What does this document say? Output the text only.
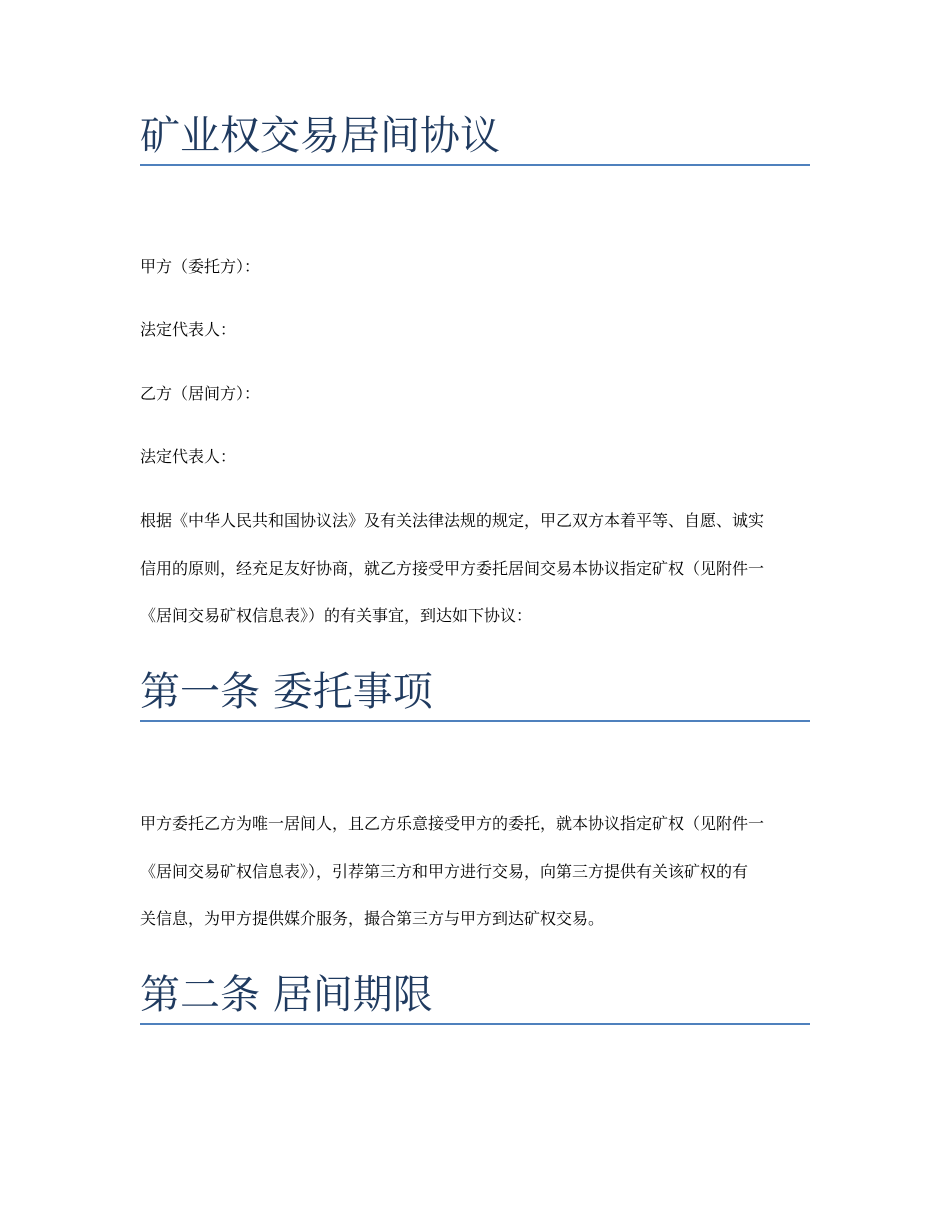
矿业权交易居间协议

甲方（委托方）：

法定代表人：

乙方（居间方）：

法定代表人：

根据《中华人民共和国协议法》及有关法律法规的规定，甲乙双方本着平等、自愿、诚实

信用的原则，经充足友好协商，就乙方接受甲方委托居间交易本协议指定矿权（见附件一

《居间交易矿权信息表》）的有关事宜，到达如下协议：

第一条 委托事项

甲方委托乙方为唯一居间人，且乙方乐意接受甲方的委托，就本协议指定矿权（见附件一

《居间交易矿权信息表》），引荐第三方和甲方进行交易，向第三方提供有关该矿权的有

关信息，为甲方提供媒介服务，撮合第三方与甲方到达矿权交易。

第二条 居间期限
